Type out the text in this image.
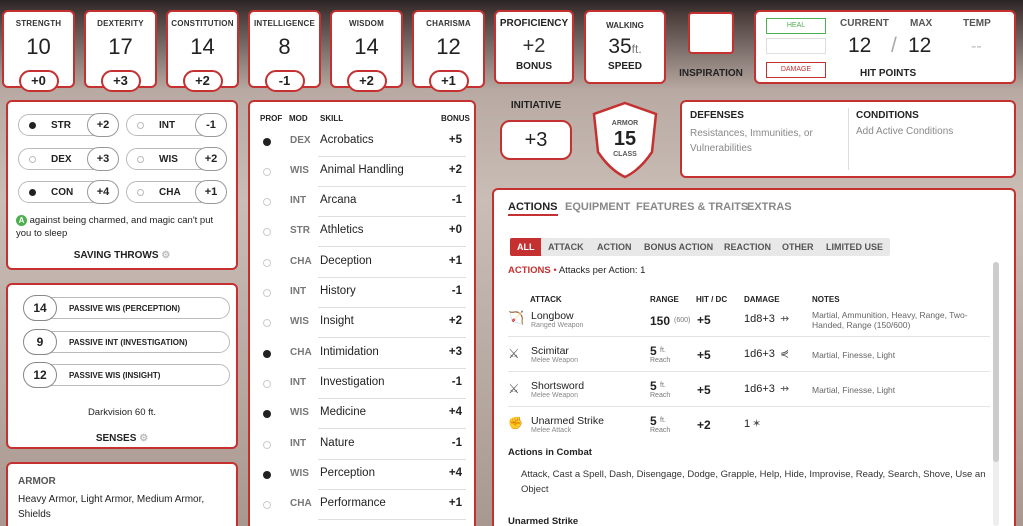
STRENGTH
10
+0
DEXTERITY
17
+3
CONSTITUTION
14
+2
INTELLIGENCE
8
-1
WISDOM
14
+2
CHARISMA
12
+1
PROFICIENCY
+2
BONUS
WALKING
35ft.
SPEED
INSPIRATION
HEAL
DAMAGE
CURRENT MAX	TEMP
12 / 12 --
HIT POINTS
STR	+2	INT	-1
DEX	+3	WIS	+2
CON	+4	CHA	+1
A against being charmed, and magic can't put you to sleep
SAVING THROWS ⚙
14	PASSIVE WIS (PERCEPTION)
9	PASSIVE INT (INVESTIGATION)
12	PASSIVE WIS (INSIGHT)
Darkvision 60 ft.
SENSES ⚙
ARMOR
Heavy Armor, Light Armor, Medium Armor, Shields
PROF MOD SKILL	BONUS
DEX Acrobatics	+5
WIS Animal Handling	+2
INT Arcana	-1
STR Athletics	+0
CHA Deception	+1
INT History	-1
WIS Insight	+2
CHA Intimidation	+3
INT Investigation	-1
WIS Medicine	+4
INT Nature	-1
WIS Perception	+4
CHA Performance	+1
INITIATIVE
+3
ARMOR
15
CLASS
DEFENSES
Resistances, Immunities, or Vulnerabilities
CONDITIONS
Add Active Conditions
ACTIONS EQUIPMENT FEATURES & TRAITS
EXTRAS
ALL	ATTACK	ACTION	BONUS ACTION	REACTION	OTHER	LIMITED USE
ACTIONS • Attacks per Action: 1
ATTACK	RANGE HIT / DC DAMAGE	NOTES
🏹 Longbow
Ranged Weapon	150 (600) +5	1d8+3 ⇸	Martial, Ammunition, Heavy, Range, Two-Handed, Range (150/600)
⚔ Scimitar
Melee Weapon
5 ft.
Reach +5	1d6+3 ⋞	Martial, Finesse, Light
⚔ Shortsword
Melee Weapon
5 ft.
Reach +5	1d6+3 ⇸	Martial, Finesse, Light
✊ Unarmed Strike
Melee Attack
5 ft.
Reach +2	1 ✶
Actions in Combat
Attack, Cast a Spell, Dash, Disengage, Dodge, Grapple, Help, Hide, Improvise, Ready, Search, Shove, Use an Object
Unarmed Strike
